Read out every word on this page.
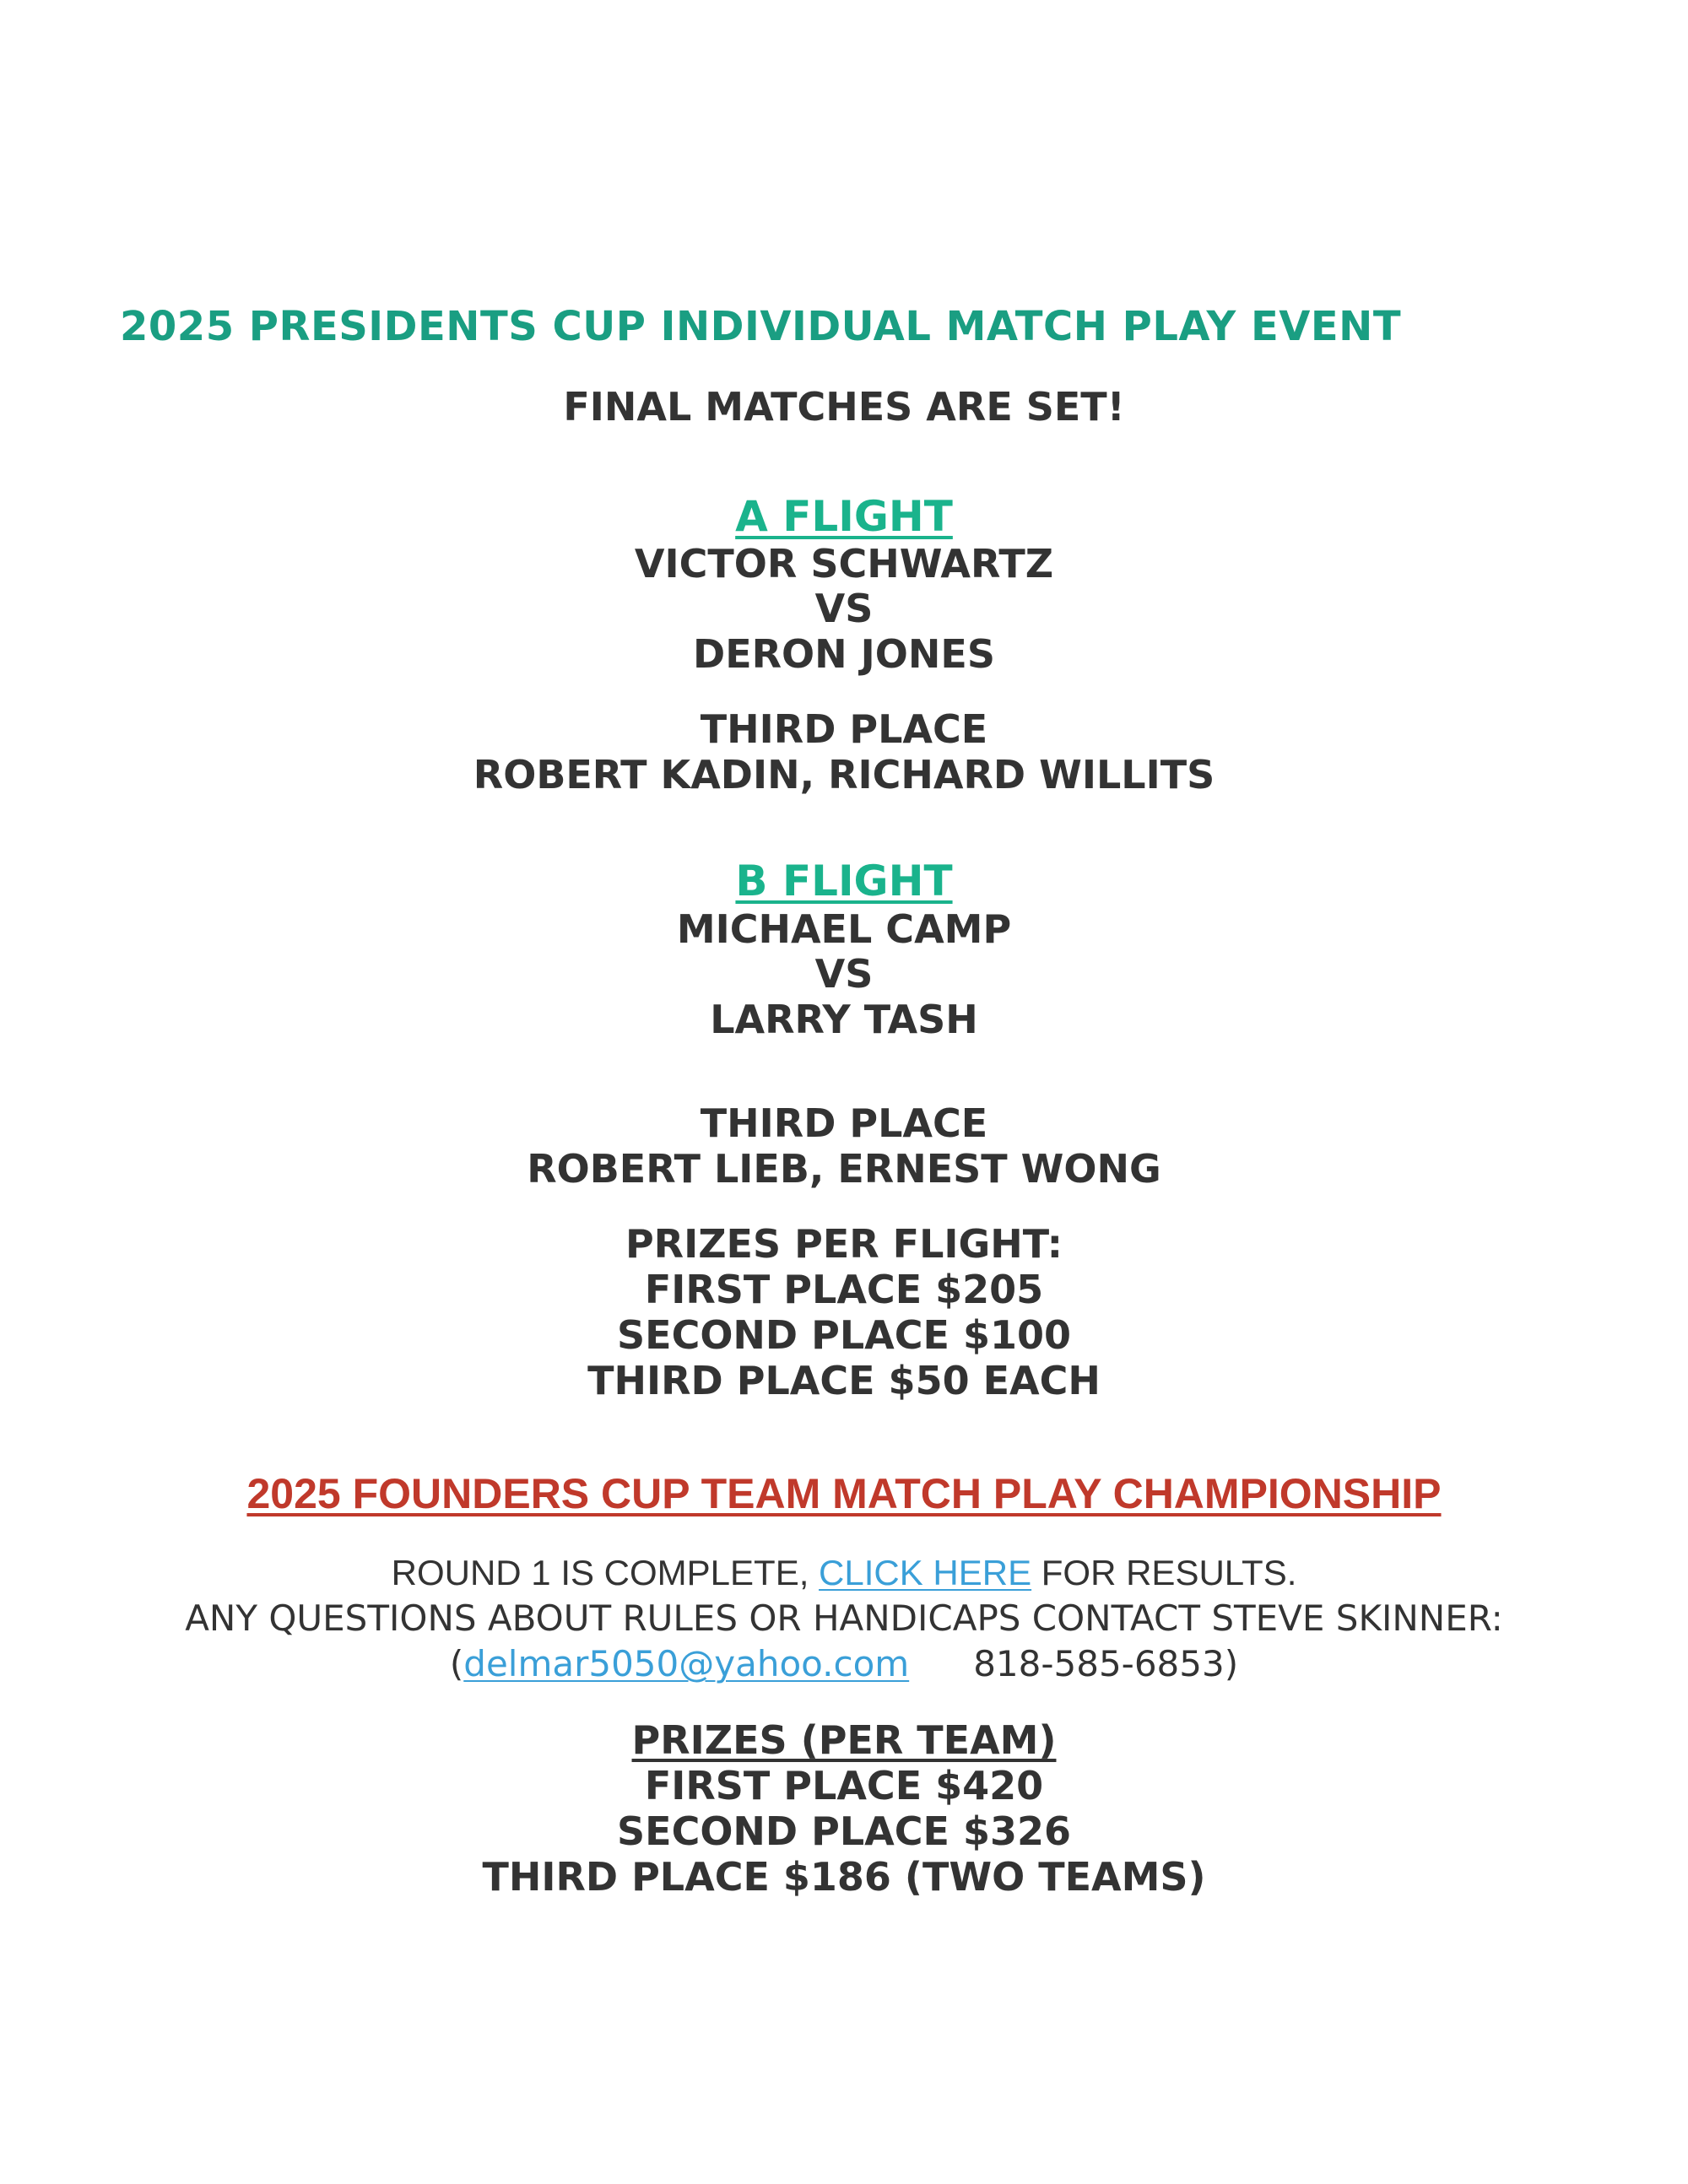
2025 PRESIDENTS CUP INDIVIDUAL MATCH PLAY EVENT
FINAL MATCHES ARE SET!
A FLIGHT
VICTOR SCHWARTZ
VS
DERON JONES
THIRD PLACE
ROBERT KADIN, RICHARD WILLITS
B FLIGHT
MICHAEL CAMP
VS
LARRY TASH
THIRD PLACE
ROBERT LIEB, ERNEST WONG
PRIZES PER FLIGHT:
FIRST PLACE $205
SECOND PLACE $100
THIRD PLACE $50 EACH
2025 FOUNDERS CUP TEAM MATCH PLAY CHAMPIONSHIP
ROUND 1 IS COMPLETE, CLICK HERE FOR RESULTS.
ANY QUESTIONS ABOUT RULES OR HANDICAPS CONTACT STEVE SKINNER:
(delmar5050@yahoo.com 818-585-6853)
PRIZES (PER TEAM)
FIRST PLACE $420
SECOND PLACE $326
THIRD PLACE $186 (TWO TEAMS)
